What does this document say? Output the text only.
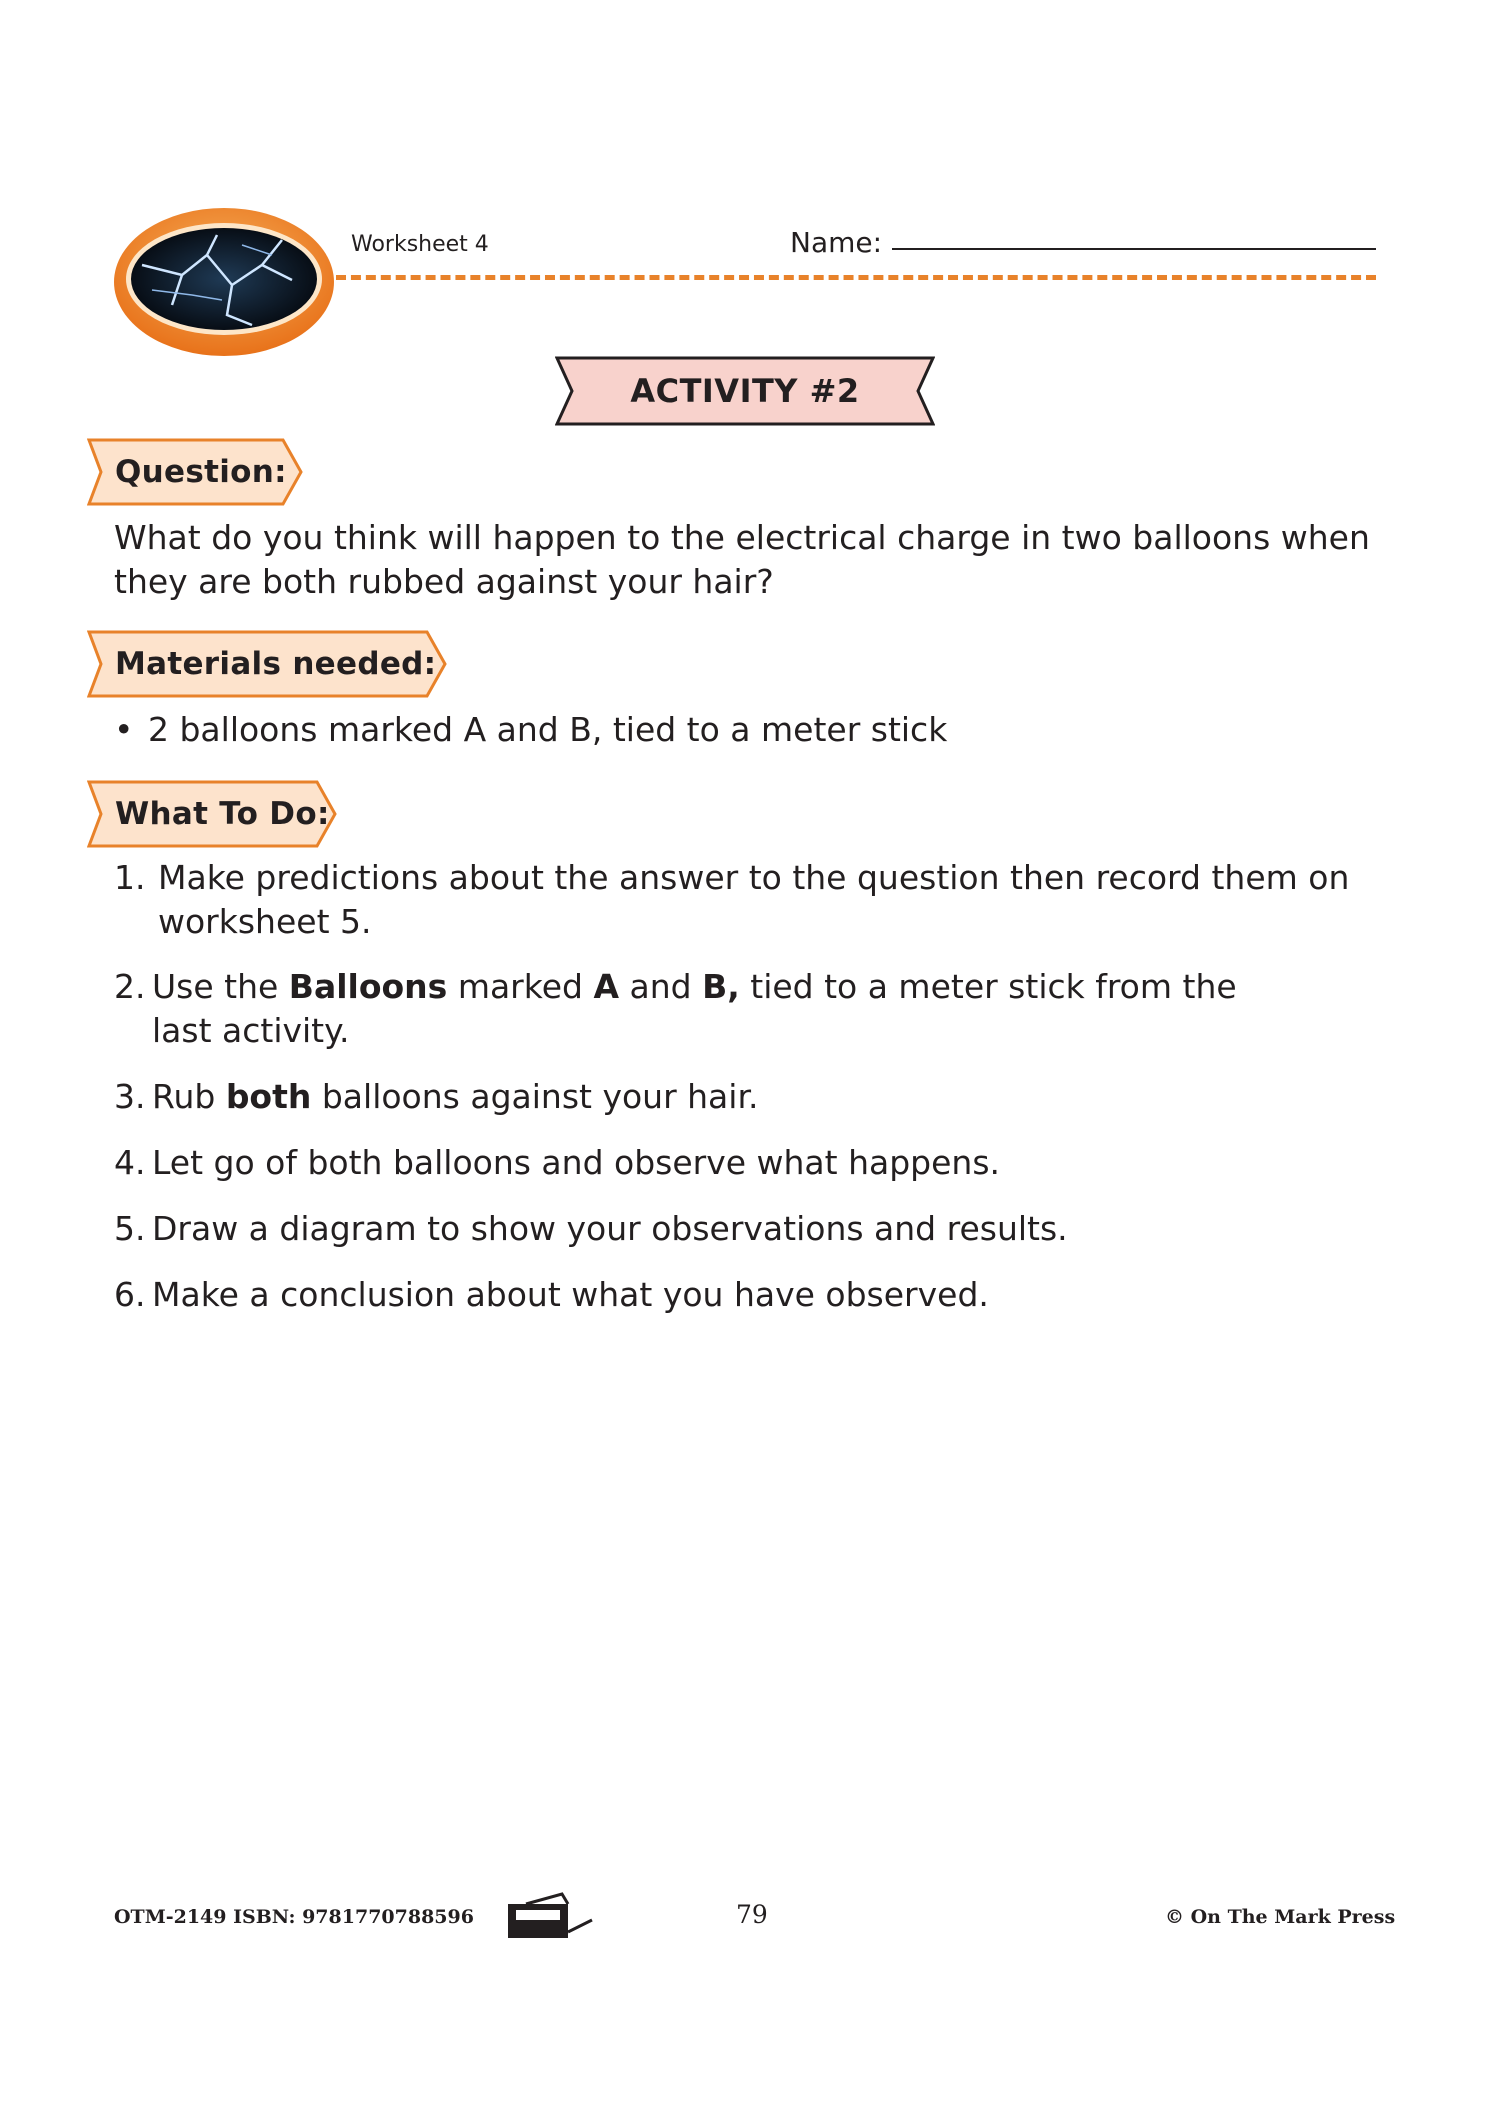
Worksheet 4	Name:
ACTIVITY #2
Question:
What do you think will happen to the electrical charge in two balloons when
they are both rubbed against your hair?
Materials needed:
• 2 balloons marked A and B, tied to a meter stick
What To Do:
1. Make predictions about the answer to the question then record them on
worksheet 5.
2. Use the Balloons marked A and B, tied to a meter stick from the
last activity.
3. Rub both balloons against your hair.
4. Let go of both balloons and observe what happens.
5. Draw a diagram to show your observations and results.
6. Make a conclusion about what you have observed.
OTM-2149 ISBN: 9781770788596	79	© On The Mark Press
